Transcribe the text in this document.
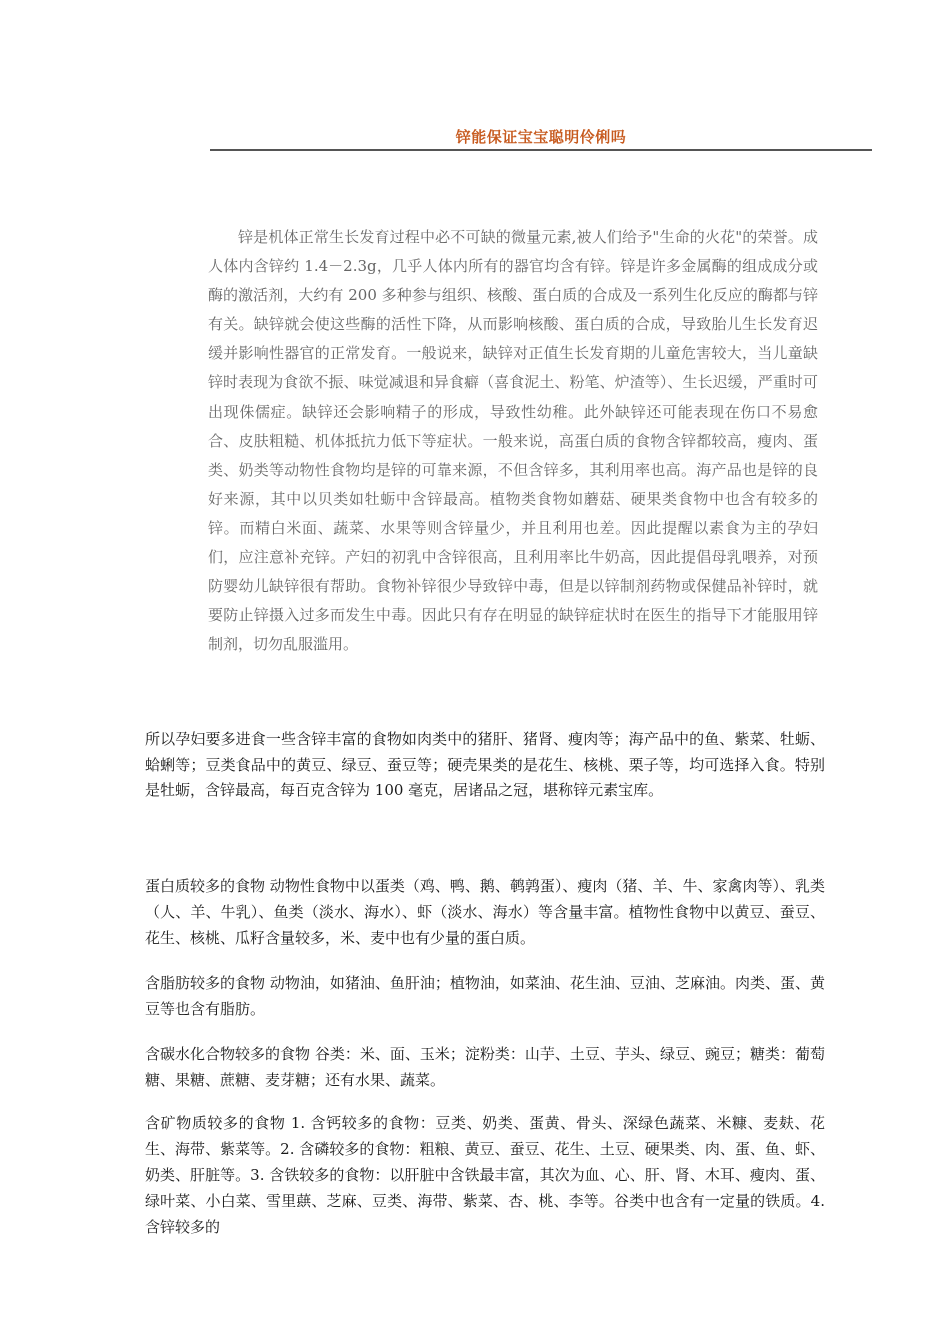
锌能保证宝宝聪明伶俐吗

锌是机体正常生长发育过程中必不可缺的微量元素,被人们给予"生命的火花"的荣誉。成人体内含锌约 1.4－2.3g，几乎人体内所有的器官均含有锌。锌是许多金属酶的组成成分或酶的激活剂，大约有 200 多种参与组织、核酸、蛋白质的合成及一系列生化反应的酶都与锌有关。缺锌就会使这些酶的活性下降，从而影响核酸、蛋白质的合成，导致胎儿生长发育迟缓并影响性器官的正常发育。一般说来，缺锌对正值生长发育期的儿童危害较大，当儿童缺锌时表现为食欲不振、味觉减退和异食癖（喜食泥土、粉笔、炉渣等）、生长迟缓，严重时可出现侏儒症。缺锌还会影响精子的形成，导致性幼稚。此外缺锌还可能表现在伤口不易愈合、皮肤粗糙、机体抵抗力低下等症状。一般来说，高蛋白质的食物含锌都较高，瘦肉、蛋类、奶类等动物性食物均是锌的可靠来源，不但含锌多，其利用率也高。海产品也是锌的良好来源，其中以贝类如牡蛎中含锌最高。植物类食物如蘑菇、硬果类食物中也含有较多的锌。而精白米面、蔬菜、水果等则含锌量少，并且利用也差。因此提醒以素食为主的孕妇们，应注意补充锌。产妇的初乳中含锌很高，且利用率比牛奶高，因此提倡母乳喂养，对预防婴幼儿缺锌很有帮助。食物补锌很少导致锌中毒，但是以锌制剂药物或保健品补锌时，就要防止锌摄入过多而发生中毒。因此只有存在明显的缺锌症状时在医生的指导下才能服用锌制剂，切勿乱服滥用。

所以孕妇要多进食一些含锌丰富的食物如肉类中的猪肝、猪肾、瘦肉等；海产品中的鱼、紫菜、牡蛎、蛤蜊等；豆类食品中的黄豆、绿豆、蚕豆等；硬壳果类的是花生、核桃、栗子等，均可选择入食。特别是牡蛎，含锌最高，每百克含锌为 100 毫克，居诸品之冠，堪称锌元素宝库。

蛋白质较多的食物 动物性食物中以蛋类（鸡、鸭、鹅、鹌鹑蛋）、瘦肉（猪、羊、牛、家禽肉等）、乳类（人、羊、牛乳）、鱼类（淡水、海水）、虾（淡水、海水）等含量丰富。植物性食物中以黄豆、蚕豆、花生、核桃、瓜籽含量较多，米、麦中也有少量的蛋白质。

含脂肪较多的食物 动物油，如猪油、鱼肝油；植物油，如菜油、花生油、豆油、芝麻油。肉类、蛋、黄豆等也含有脂肪。

含碳水化合物较多的食物 谷类：米、面、玉米；淀粉类：山芋、土豆、芋头、绿豆、豌豆；糖类：葡萄糖、果糖、蔗糖、麦芽糖；还有水果、蔬菜。

含矿物质较多的食物 1. 含钙较多的食物：豆类、奶类、蛋黄、骨头、深绿色蔬菜、米糠、麦麸、花生、海带、紫菜等。2. 含磷较多的食物：粗粮、黄豆、蚕豆、花生、土豆、硬果类、肉、蛋、鱼、虾、奶类、肝脏等。3. 含铁较多的食物：以肝脏中含铁最丰富，其次为血、心、肝、肾、木耳、瘦肉、蛋、绿叶菜、小白菜、雪里蕻、芝麻、豆类、海带、紫菜、杏、桃、李等。谷类中也含有一定量的铁质。4. 含锌较多的
